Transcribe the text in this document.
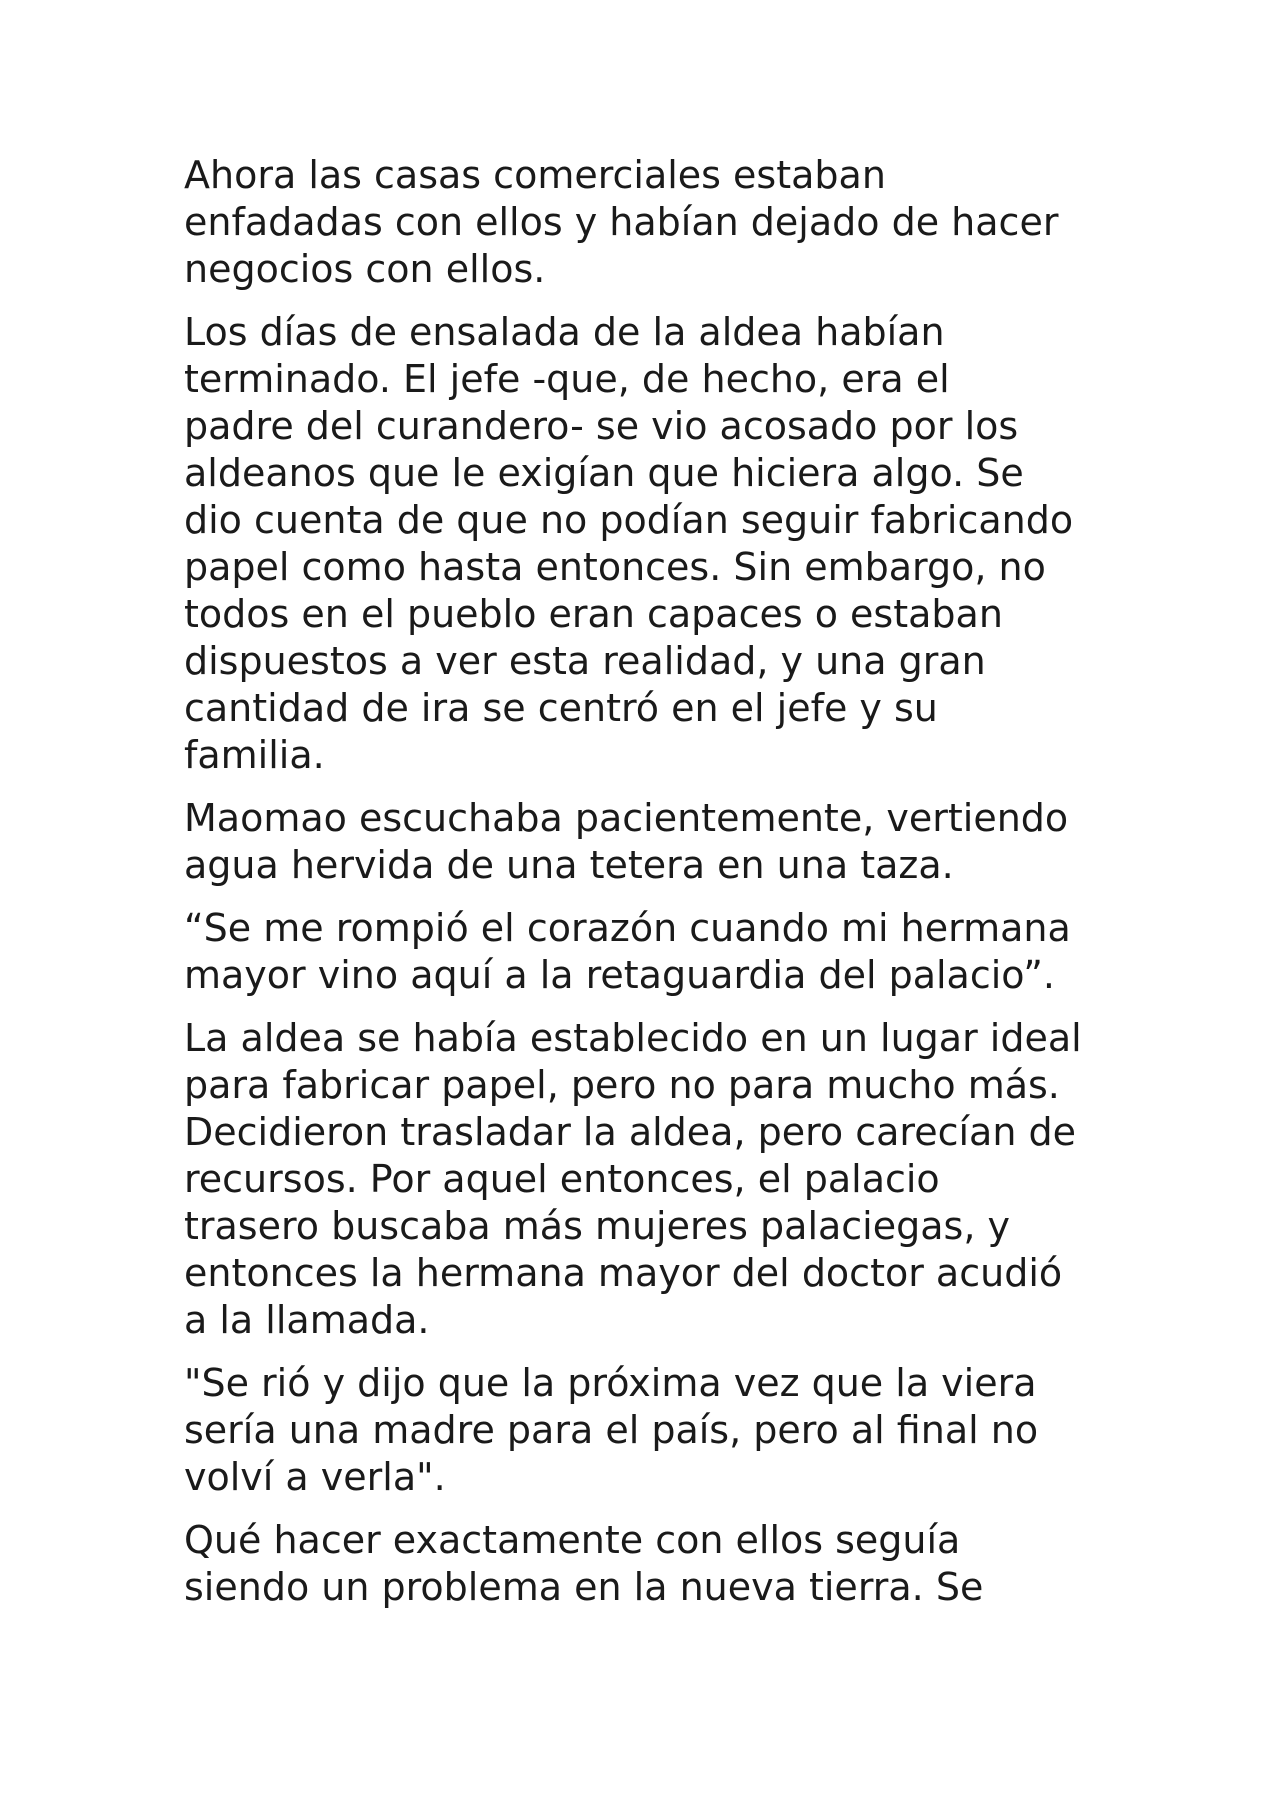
Ahora las casas comerciales estaban
enfadadas con ellos y habían dejado de hacer
negocios con ellos.

Los días de ensalada de la aldea habían
terminado. El jefe -que, de hecho, era el
padre del curandero- se vio acosado por los
aldeanos que le exigían que hiciera algo. Se
dio cuenta de que no podían seguir fabricando
papel como hasta entonces. Sin embargo, no
todos en el pueblo eran capaces o estaban
dispuestos a ver esta realidad, y una gran
cantidad de ira se centró en el jefe y su
familia.

Maomao escuchaba pacientemente, vertiendo
agua hervida de una tetera en una taza.

“Se me rompió el corazón cuando mi hermana
mayor vino aquí a la retaguardia del palacio”.

La aldea se había establecido en un lugar ideal
para fabricar papel, pero no para mucho más.
Decidieron trasladar la aldea, pero carecían de
recursos. Por aquel entonces, el palacio
trasero buscaba más mujeres palaciegas, y
entonces la hermana mayor del doctor acudió
a la llamada.

"Se rió y dijo que la próxima vez que la viera
sería una madre para el país, pero al final no
volví a verla".

Qué hacer exactamente con ellos seguía
siendo un problema en la nueva tierra. Se
